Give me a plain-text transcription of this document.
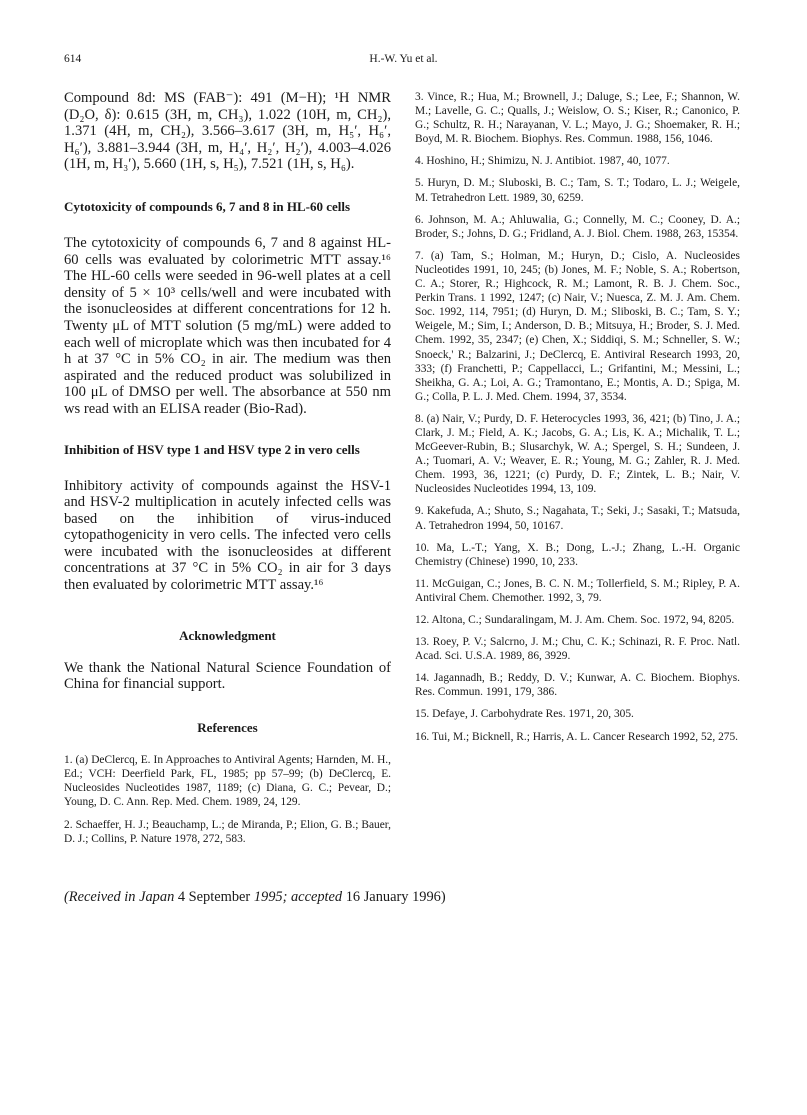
614	H.-W. Yu et al.

Compound 8d: MS (FAB⁻): 491 (M−H); ¹H NMR (D₂O, δ): 0.615 (3H, m, CH₃), 1.022 (10H, m, CH₂), 1.371 (4H, m, CH₂), 3.566–3.617 (3H, m, H₅′, H₆′, H₆′), 3.881–3.944 (3H, m, H₄′, H₂′, H₂′), 4.003–4.026 (1H, m, H₃′), 5.660 (1H, s, H₅), 7.521 (1H, s, H₆).

Cytotoxicity of compounds 6, 7 and 8 in HL-60 cells

The cytotoxicity of compounds 6, 7 and 8 against HL-60 cells was evaluated by colorimetric MTT assay.¹⁶ The HL-60 cells were seeded in 96-well plates at a cell density of 5 × 10³ cells/well and were incubated with the isonucleosides at different concentrations for 12 h. Twenty μL of MTT solution (5 mg/mL) were added to each well of microplate which was then incubated for 4 h at 37 °C in 5% CO₂ in air. The medium was then aspirated and the reduced product was solubilized in 100 μL of DMSO per well. The absorbance at 550 nm ws read with an ELISA reader (Bio-Rad).

Inhibition of HSV type 1 and HSV type 2 in vero cells

Inhibitory activity of compounds against the HSV-1 and HSV-2 multiplication in acutely infected cells was based on the inhibition of virus-induced cytopathogenicity in vero cells. The infected vero cells were incubated with the isonucleosides at different concentrations at 37 °C in 5% CO₂ in air for 3 days then evaluated by colorimetric MTT assay.¹⁶

Acknowledgment

We thank the National Natural Science Foundation of China for financial support.

References

1. (a) DeClercq, E. In Approaches to Antiviral Agents; Harnden, M. H., Ed.; VCH: Deerfield Park, FL, 1985; pp 57–99; (b) DeClercq, E. Nucleosides Nucleotides 1987, 1189; (c) Diana, G. C.; Pevear, D.; Young, D. C. Ann. Rep. Med. Chem. 1989, 24, 129.

2. Schaeffer, H. J.; Beauchamp, L.; de Miranda, P.; Elion, G. B.; Bauer, D. J.; Collins, P. Nature 1978, 272, 583.

3. Vince, R.; Hua, M.; Brownell, J.; Daluge, S.; Lee, F.; Shannon, W. M.; Lavelle, G. C.; Qualls, J.; Weislow, O. S.; Kiser, R.; Canonico, P. G.; Schultz, R. H.; Narayanan, V. L.; Mayo, J. G.; Shoemaker, R. H.; Boyd, M. R. Biochem. Biophys. Res. Commun. 1988, 156, 1046.

4. Hoshino, H.; Shimizu, N. J. Antibiot. 1987, 40, 1077.

5. Huryn, D. M.; Sluboski, B. C.; Tam, S. T.; Todaro, L. J.; Weigele, M. Tetrahedron Lett. 1989, 30, 6259.

6. Johnson, M. A.; Ahluwalia, G.; Connelly, M. C.; Cooney, D. A.; Broder, S.; Johns, D. G.; Fridland, A. J. Biol. Chem. 1988, 263, 15354.

7. (a) Tam, S.; Holman, M.; Huryn, D.; Cislo, A. Nucleosides Nucleotides 1991, 10, 245; (b) Jones, M. F.; Noble, S. A.; Robertson, C. A.; Storer, R.; Highcock, R. M.; Lamont, R. B. J. Chem. Soc., Perkin Trans. 1 1992, 1247; (c) Nair, V.; Nuesca, Z. M. J. Am. Chem. Soc. 1992, 114, 7951; (d) Huryn, D. M.; Sliboski, B. C.; Tam, S. Y.; Weigele, M.; Sim, I.; Anderson, D. B.; Mitsuya, H.; Broder, S. J. Med. Chem. 1992, 35, 2347; (e) Chen, X.; Siddiqi, S. M.; Schneller, S. W.; Snoeck,' R.; Balzarini, J.; DeClercq, E. Antiviral Research 1993, 20, 333; (f) Franchetti, P.; Cappellacci, L.; Grifantini, M.; Messini, L.; Sheikha, G. A.; Loi, A. G.; Tramontano, E.; Montis, A. D.; Spiga, M. G.; Colla, P. L. J. Med. Chem. 1994, 37, 3534.

8. (a) Nair, V.; Purdy, D. F. Heterocycles 1993, 36, 421; (b) Tino, J. A.; Clark, J. M.; Field, A. K.; Jacobs, G. A.; Lis, K. A.; Michalik, T. L.; McGeever-Rubin, B.; Slusarchyk, W. A.; Spergel, S. H.; Sundeen, J. A.; Tuomari, A. V.; Weaver, E. R.; Young, M. G.; Zahler, R. J. Med. Chem. 1993, 36, 1221; (c) Purdy, D. F.; Zintek, L. B.; Nair, V. Nucleosides Nucleotides 1994, 13, 109.

9. Kakefuda, A.; Shuto, S.; Nagahata, T.; Seki, J.; Sasaki, T.; Matsuda, A. Tetrahedron 1994, 50, 10167.

10. Ma, L.-T.; Yang, X. B.; Dong, L.-J.; Zhang, L.-H. Organic Chemistry (Chinese) 1990, 10, 233.

11. McGuigan, C.; Jones, B. C. N. M.; Tollerfield, S. M.; Ripley, P. A. Antiviral Chem. Chemother. 1992, 3, 79.

12. Altona, C.; Sundaralingam, M. J. Am. Chem. Soc. 1972, 94, 8205.

13. Roey, P. V.; Salcrno, J. M.; Chu, C. K.; Schinazi, R. F. Proc. Natl. Acad. Sci. U.S.A. 1989, 86, 3929.

14. Jagannadh, B.; Reddy, D. V.; Kunwar, A. C. Biochem. Biophys. Res. Commun. 1991, 179, 386.

15. Defaye, J. Carbohydrate Res. 1971, 20, 305.

16. Tui, M.; Bicknell, R.; Harris, A. L. Cancer Research 1992, 52, 275.

(Received in Japan 4 September 1995; accepted 16 January 1996)
